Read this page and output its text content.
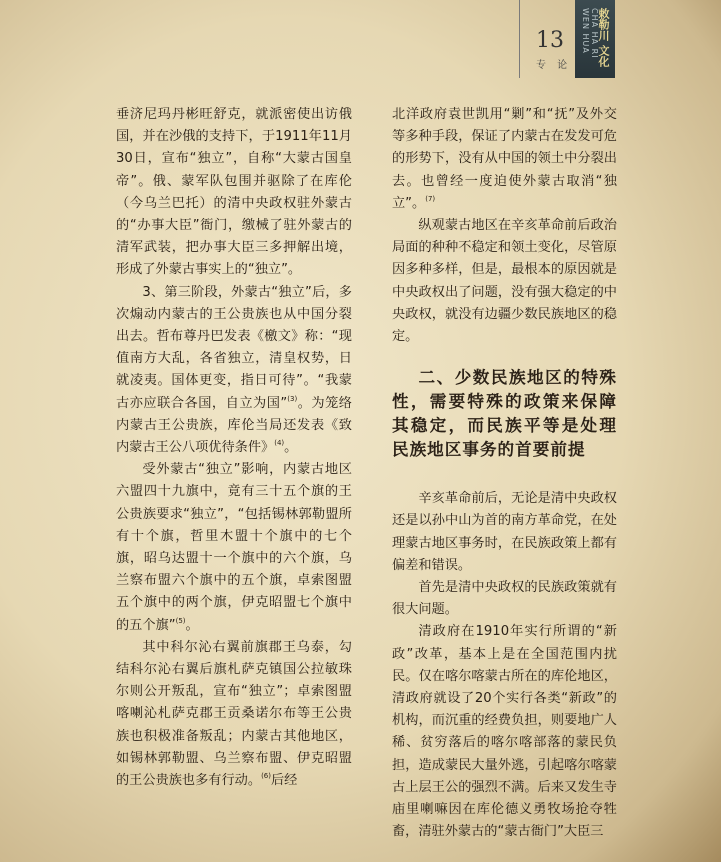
13
专 论
CHA HA RI WEN HUA 敕勒川 文化

垂济尼玛丹彬旺舒克，就派密使出访俄国，并在沙俄的支持下，于1911年11月30日，宣布“独立”，自称“大蒙古国皇帝”。俄、蒙军队包围并驱除了在库伦（今乌兰巴托）的清中央政权驻外蒙古的“办事大臣”衙门，缴械了驻外蒙古的清军武装，把办事大臣三多押解出境，形成了外蒙古事实上的“独立”。

3、第三阶段，外蒙古“独立”后，多次煽动内蒙古的王公贵族也从中国分裂出去。哲布尊丹巴发表《檄文》称：“现值南方大乱，各省独立，清皇权势，日就凌夷。国体更变，指日可待”。“我蒙古亦应联合各国，自立为国”$^{(3)}$。为笼络内蒙古王公贵族，库伦当局还发表《致内蒙古王公八项优待条件》$^{(4)}$。

受外蒙古“独立”影响，内蒙古地区六盟四十九旗中，竟有三十五个旗的王公贵族要求“独立”，“包括锡林郭勒盟所有十个旗，哲里木盟十个旗中的七个旗，昭乌达盟十一个旗中的六个旗，乌兰察布盟六个旗中的五个旗，卓索图盟五个旗中的两个旗，伊克昭盟七个旗中的五个旗”$^{(5)}$。

其中科尔沁右翼前旗郡王乌泰，勾结科尔沁右翼后旗札萨克镇国公拉敏珠尔则公开叛乱，宣布“独立”；卓索图盟喀喇沁札萨克郡王贡桑诺尔布等王公贵族也积极准备叛乱；内蒙古其他地区，如锡林郭勒盟、乌兰察布盟、伊克昭盟的王公贵族也多有行动。$^{(6)}$后经

北洋政府袁世凯用“剿”和“抚”及外交等多种手段，保证了内蒙古在发发可危的形势下，没有从中国的领土中分裂出去。也曾经一度迫使外蒙古取消“独立”。$^{(7)}$

纵观蒙古地区在辛亥革命前后政治局面的种种不稳定和领土变化，尽管原因多种多样，但是，最根本的原因就是中央政权出了问题，没有强大稳定的中央政权，就没有边疆少数民族地区的稳定。

二、少数民族地区的特殊性，需要特殊的政策来保障其稳定，而民族平等是处理民族地区事务的首要前提

辛亥革命前后，无论是清中央政权还是以孙中山为首的南方革命党，在处理蒙古地区事务时，在民族政策上都有偏差和错误。

首先是清中央政权的民族政策就有很大问题。

清政府在1910年实行所谓的“新政”改革，基本上是在全国范围内扰民。仅在喀尔喀蒙古所在的库伦地区，清政府就设了20个实行各类“新政”的机构，而沉重的经费负担，则要地广人稀、贫穷落后的喀尔喀部落的蒙民负担，造成蒙民大量外逃，引起喀尔喀蒙古上层王公的强烈不满。后来又发生寺庙里喇嘛因在库伦德义勇牧场抢夺牲畜，清驻外蒙古的“蒙古衙门”大臣三
